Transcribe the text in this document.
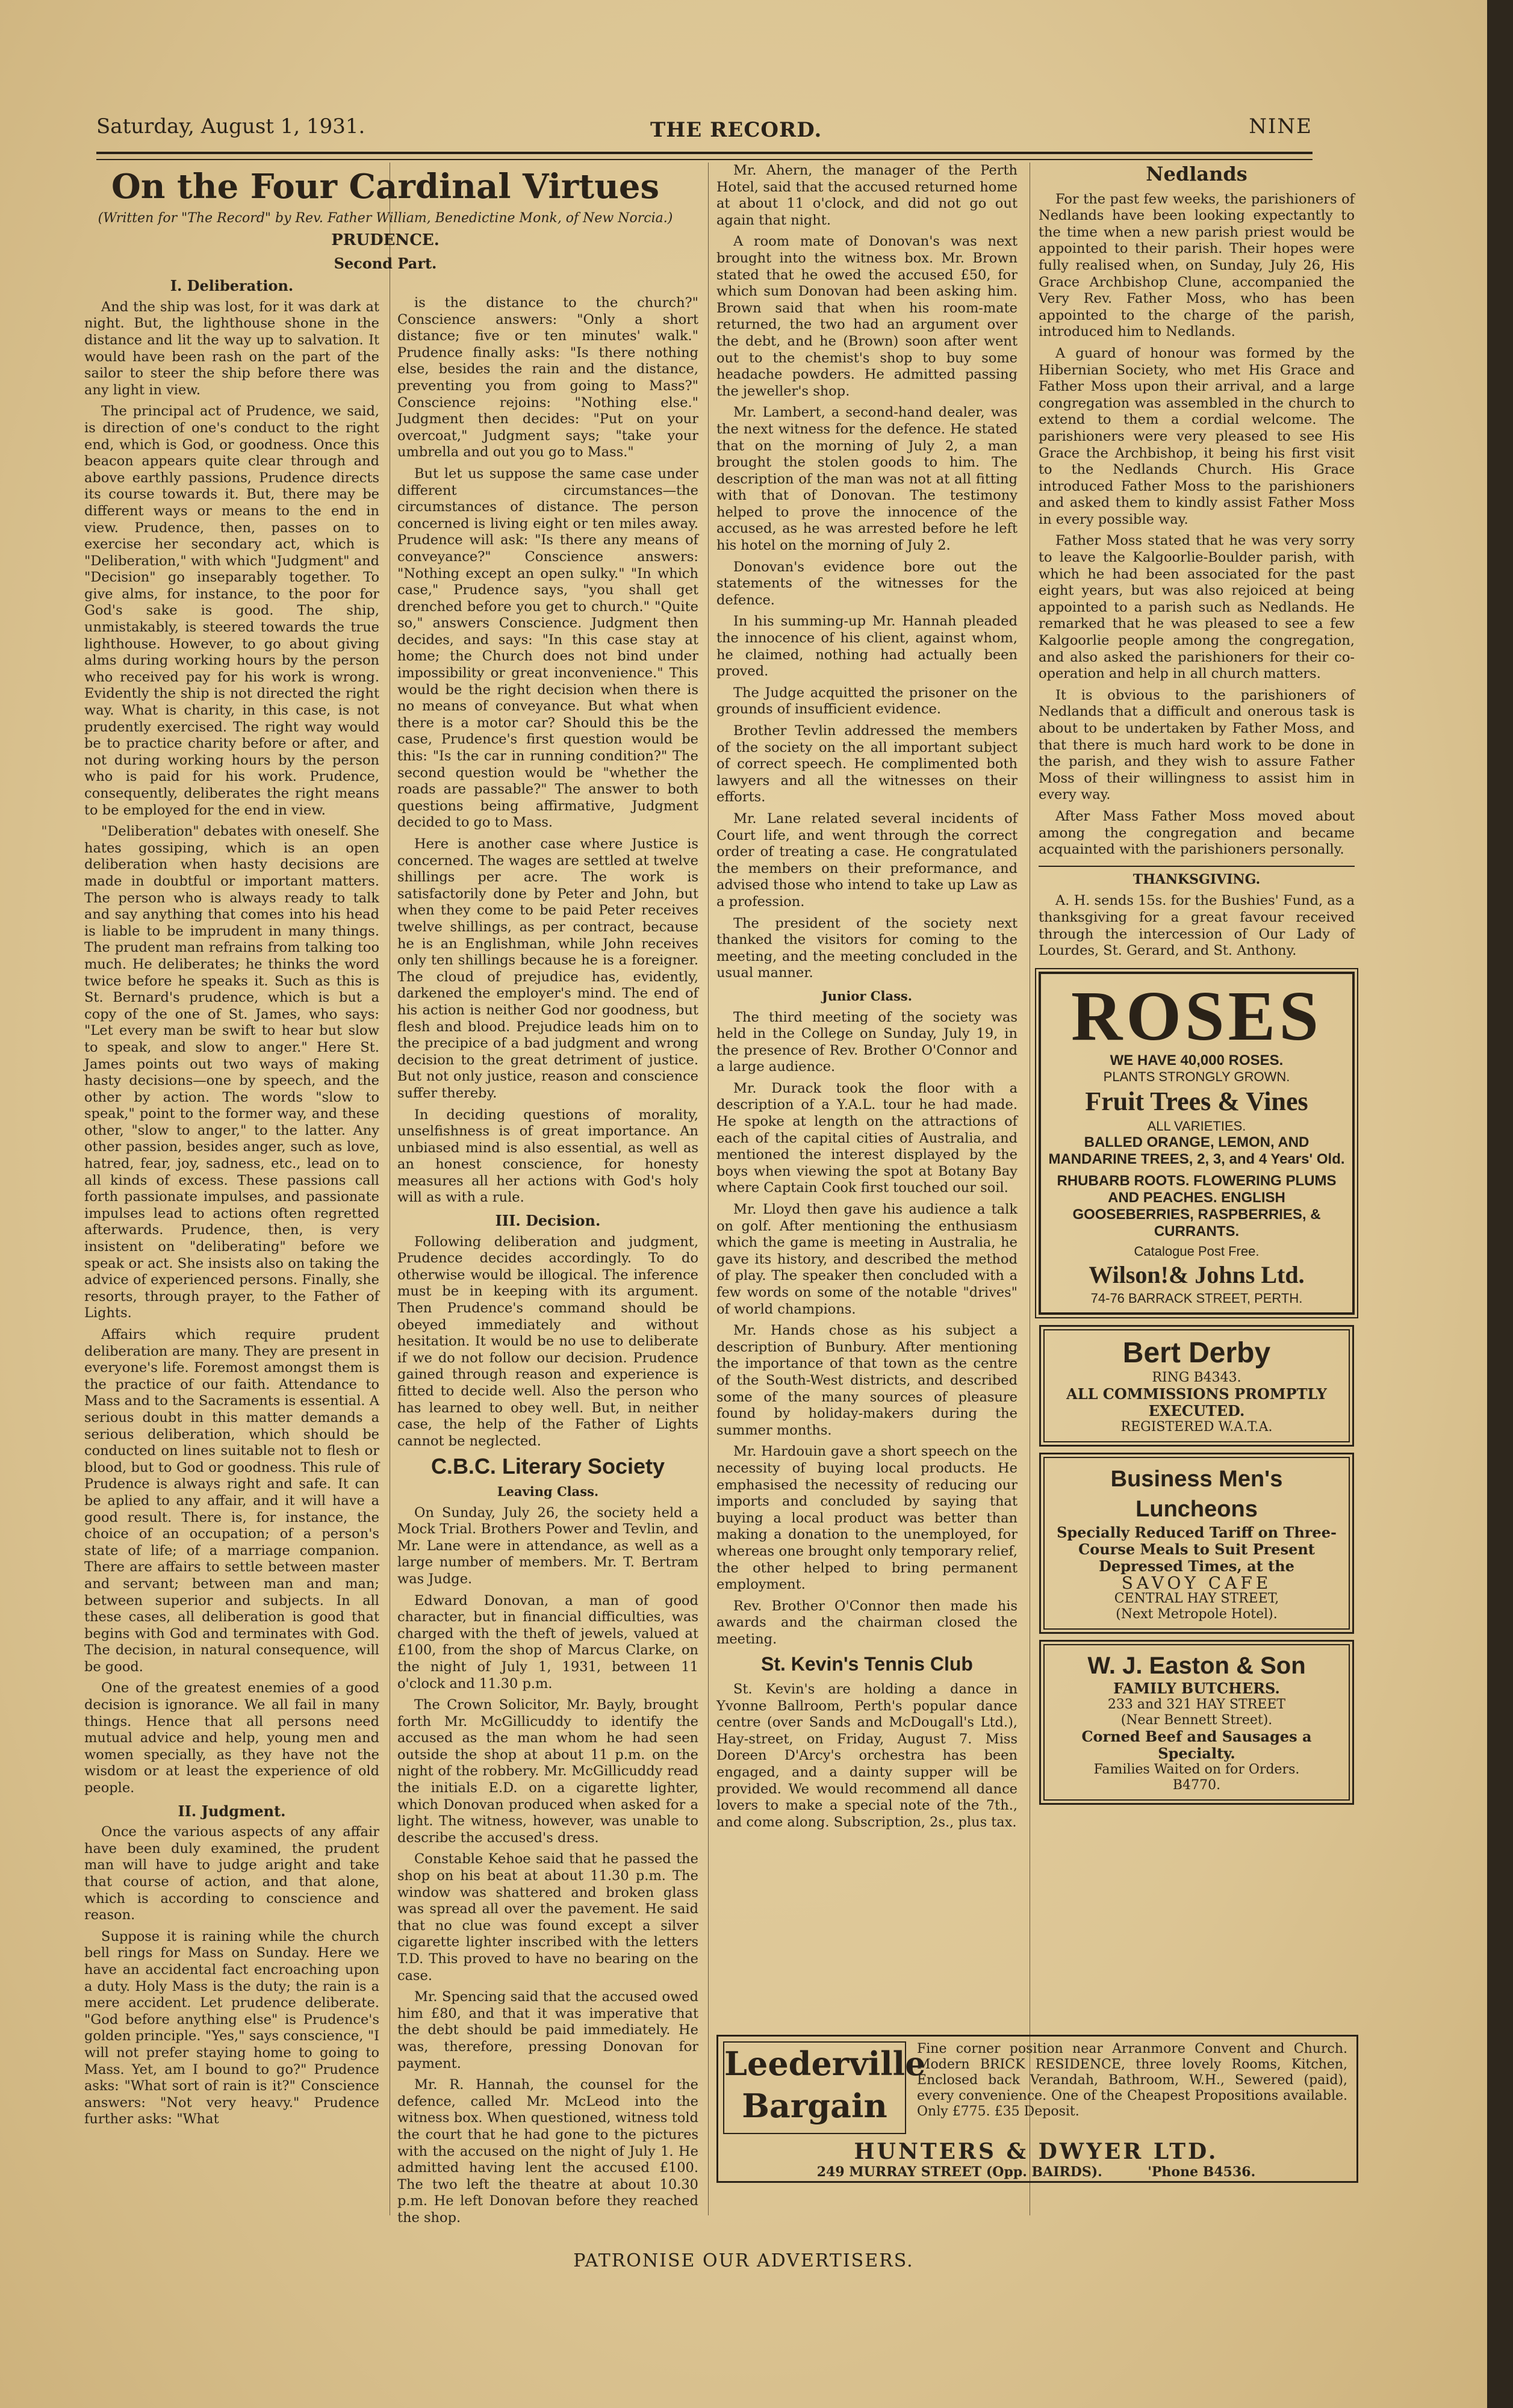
Saturday, August 1, 1931.	THE RECORD.	NINE
On the Four Cardinal Virtues
(Written for "The Record" by Rev. Father William, Benedictine Monk, of New Norcia.)
PRUDENCE.
Second Part.
I. Deliberation.

And the ship was lost, for it was dark at night. But, the lighthouse shone in the distance and lit the way up to salvation. It would have been rash on the part of the sailor to steer the ship before there was any light in view.

The principal act of Prudence, we said, is direction of one's conduct to the right end, which is God, or goodness. Once this beacon appears quite clear through and above earthly passions, Prudence directs its course towards it. But, there may be different ways or means to the end in view. Prudence, then, passes on to exercise her secondary act, which is "Deliberation," with which "Judgment" and "Decision" go inseparably together. To give alms, for instance, to the poor for God's sake is good. The ship, unmistakably, is steered towards the true lighthouse. However, to go about giving alms during working hours by the person who received pay for his work is wrong. Evidently the ship is not directed the right way. What is charity, in this case, is not prudently exercised. The right way would be to practice charity before or after, and not during working hours by the person who is paid for his work. Prudence, consequently, deliberates the right means to be employed for the end in view.

"Deliberation" debates with oneself. She hates gossiping, which is an open deliberation when hasty decisions are made in doubtful or important matters. The person who is always ready to talk and say anything that comes into his head is liable to be imprudent in many things. The prudent man refrains from talking too much. He deliberates; he thinks the word twice before he speaks it. Such as this is St. Bernard's prudence, which is but a copy of the one of St. James, who says: "Let every man be swift to hear but slow to speak, and slow to anger." Here St. James points out two ways of making hasty decisions—one by speech, and the other by action. The words "slow to speak," point to the former way, and these other, "slow to anger," to the latter. Any other passion, besides anger, such as love, hatred, fear, joy, sadness, etc., lead on to all kinds of excess. These passions call forth passionate impulses, and passionate impulses lead to actions often regretted afterwards. Prudence, then, is very insistent on "deliberating" before we speak or act. She insists also on taking the advice of experienced persons. Finally, she resorts, through prayer, to the Father of Lights.

Affairs which require prudent deliberation are many. They are present in everyone's life. Foremost amongst them is the practice of our faith. Attendance to Mass and to the Sacraments is essential. A serious doubt in this matter demands a serious deliberation, which should be conducted on lines suitable not to flesh or blood, but to God or goodness. This rule of Prudence is always right and safe. It can be aplied to any affair, and it will have a good result. There is, for instance, the choice of an occupation; of a person's state of life; of a marriage companion. There are affairs to settle between master and servant; between man and man; between superior and subjects. In all these cases, all deliberation is good that begins with God and terminates with God. The decision, in natural consequence, will be good.

One of the greatest enemies of a good decision is ignorance. We all fail in many things. Hence that all persons need mutual advice and help, young men and women specially, as they have not the wisdom or at least the experience of old people.

II. Judgment.

Once the various aspects of any affair have been duly examined, the prudent man will have to judge aright and take that course of action, and that alone, which is according to conscience and reason.

Suppose it is raining while the church bell rings for Mass on Sunday. Here we have an accidental fact encroaching upon a duty. Holy Mass is the duty; the rain is a mere accident. Let prudence deliberate. "God before anything else" is Prudence's golden principle. "Yes," says conscience, "I will not prefer staying home to going to Mass. Yet, am I bound to go?" Prudence asks: "What sort of rain is it?" Conscience answers: "Not very heavy." Prudence further asks: "What

is the distance to the church?" Conscience answers: "Only a short distance; five or ten minutes' walk." Prudence finally asks: "Is there nothing else, besides the rain and the distance, preventing you from going to Mass?" Conscience rejoins: "Nothing else." Judgment then decides: "Put on your overcoat," Judgment says; "take your umbrella and out you go to Mass."

But let us suppose the same case under different circumstances—the circumstances of distance. The person concerned is living eight or ten miles away. Prudence will ask: "Is there any means of conveyance?" Conscience answers: "Nothing except an open sulky." "In which case," Prudence says, "you shall get drenched before you get to church." "Quite so," answers Conscience. Judgment then decides, and says: "In this case stay at home; the Church does not bind under impossibility or great inconvenience." This would be the right decision when there is no means of conveyance. But what when there is a motor car? Should this be the case, Prudence's first question would be this: "Is the car in running condition?" The second question would be "whether the roads are passable?" The answer to both questions being affirmative, Judgment decided to go to Mass.

Here is another case where Justice is concerned. The wages are settled at twelve shillings per acre. The work is satisfactorily done by Peter and John, but when they come to be paid Peter receives twelve shillings, as per contract, because he is an Englishman, while John receives only ten shillings because he is a foreigner. The cloud of prejudice has, evidently, darkened the employer's mind. The end of his action is neither God nor goodness, but flesh and blood. Prejudice leads him on to the precipice of a bad judgment and wrong decision to the great detriment of justice. But not only justice, reason and conscience suffer thereby.

In deciding questions of morality, unselfishness is of great importance. An unbiased mind is also essential, as well as an honest conscience, for honesty measures all her actions with God's holy will as with a rule.

III. Decision.

Following deliberation and judgment, Prudence decides accordingly. To do otherwise would be illogical. The inference must be in keeping with its argument. Then Prudence's command should be obeyed immediately and without hesitation. It would be no use to deliberate if we do not follow our decision. Prudence gained through reason and experience is fitted to decide well. Also the person who has learned to obey well. But, in neither case, the help of the Father of Lights cannot be neglected.

C.B.C. Literary Society
Leaving Class.

On Sunday, July 26, the society held a Mock Trial. Brothers Power and Tevlin, and Mr. Lane were in attendance, as well as a large number of members. Mr. T. Bertram was Judge.

Edward Donovan, a man of good character, but in financial difficulties, was charged with the theft of jewels, valued at £100, from the shop of Marcus Clarke, on the night of July 1, 1931, between 11 o'clock and 11.30 p.m.

The Crown Solicitor, Mr. Bayly, brought forth Mr. McGillicuddy to identify the accused as the man whom he had seen outside the shop at about 11 p.m. on the night of the robbery. Mr. McGillicuddy read the initials E.D. on a cigarette lighter, which Donovan produced when asked for a light. The witness, however, was unable to describe the accused's dress.

Constable Kehoe said that he passed the shop on his beat at about 11.30 p.m. The window was shattered and broken glass was spread all over the pavement. He said that no clue was found except a silver cigarette lighter inscribed with the letters T.D. This proved to have no bearing on the case.

Mr. Spencing said that the accused owed him £80, and that it was imperative that the debt should be paid immediately. He was, therefore, pressing Donovan for payment.

Mr. R. Hannah, the counsel for the defence, called Mr. McLeod into the witness box. When questioned, witness told the court that he had gone to the pictures with the accused on the night of July 1. He admitted having lent the accused £100. The two left the theatre at about 10.30 p.m. He left Donovan before they reached the shop.

Mr. Ahern, the manager of the Perth Hotel, said that the accused returned home at about 11 o'clock, and did not go out again that night.

A room mate of Donovan's was next brought into the witness box. Mr. Brown stated that he owed the accused £50, for which sum Donovan had been asking him. Brown said that when his room-mate returned, the two had an argument over the debt, and he (Brown) soon after went out to the chemist's shop to buy some headache powders. He admitted passing the jeweller's shop.

Mr. Lambert, a second-hand dealer, was the next witness for the defence. He stated that on the morning of July 2, a man brought the stolen goods to him. The description of the man was not at all fitting with that of Donovan. The testimony helped to prove the innocence of the accused, as he was arrested before he left his hotel on the morning of July 2.

Donovan's evidence bore out the statements of the witnesses for the defence.

In his summing-up Mr. Hannah pleaded the innocence of his client, against whom, he claimed, nothing had actually been proved.

The Judge acquitted the prisoner on the grounds of insufficient evidence.

Brother Tevlin addressed the members of the society on the all important subject of correct speech. He complimented both lawyers and all the witnesses on their efforts.

Mr. Lane related several incidents of Court life, and went through the correct order of treating a case. He congratulated the members on their preformance, and advised those who intend to take up Law as a profession.

The president of the society next thanked the visitors for coming to the meeting, and the meeting concluded in the usual manner.

Junior Class.

The third meeting of the society was held in the College on Sunday, July 19, in the presence of Rev. Brother O'Connor and a large audience.

Mr. Durack took the floor with a description of a Y.A.L. tour he had made. He spoke at length on the attractions of each of the capital cities of Australia, and mentioned the interest displayed by the boys when viewing the spot at Botany Bay where Captain Cook first touched our soil.

Mr. Lloyd then gave his audience a talk on golf. After mentioning the enthusiasm which the game is meeting in Australia, he gave its history, and described the method of play. The speaker then concluded with a few words on some of the notable "drives" of world champions.

Mr. Hands chose as his subject a description of Bunbury. After mentioning the importance of that town as the centre of the South-West districts, and described some of the many sources of pleasure found by holiday-makers during the summer months.

Mr. Hardouin gave a short speech on the necessity of buying local products. He emphasised the necessity of reducing our imports and concluded by saying that buying a local product was better than making a donation to the unemployed, for whereas one brought only temporary relief, the other helped to bring permanent employment.

Rev. Brother O'Connor then made his awards and the chairman closed the meeting.

St. Kevin's Tennis Club

St. Kevin's are holding a dance in Yvonne Ballroom, Perth's popular dance centre (over Sands and McDougall's Ltd.), Hay-street, on Friday, August 7. Miss Doreen D'Arcy's orchestra has been engaged, and a dainty supper will be provided. We would recommend all dance lovers to make a special note of the 7th., and come along. Subscription, 2s., plus tax.

Nedlands

For the past few weeks, the parishioners of Nedlands have been looking expectantly to the time when a new parish priest would be appointed to their parish. Their hopes were fully realised when, on Sunday, July 26, His Grace Archbishop Clune, accompanied the Very Rev. Father Moss, who has been appointed to the charge of the parish, introduced him to Nedlands.

A guard of honour was formed by the Hibernian Society, who met His Grace and Father Moss upon their arrival, and a large congregation was assembled in the church to extend to them a cordial welcome. The parishioners were very pleased to see His Grace the Archbishop, it being his first visit to the Nedlands Church. His Grace introduced Father Moss to the parishioners and asked them to kindly assist Father Moss in every possible way.

Father Moss stated that he was very sorry to leave the Kalgoorlie-Boulder parish, with which he had been associated for the past eight years, but was also rejoiced at being appointed to a parish such as Nedlands. He remarked that he was pleased to see a few Kalgoorlie people among the congregation, and also asked the parishioners for their co-operation and help in all church matters.

It is obvious to the parishioners of Nedlands that a difficult and onerous task is about to be undertaken by Father Moss, and that there is much hard work to be done in the parish, and they wish to assure Father Moss of their willingness to assist him in every way.

After Mass Father Moss moved about among the congregation and became acquainted with the parishioners personally.

THANKSGIVING.

A. H. sends 15s. for the Bushies' Fund, as a thanksgiving for a great favour received through the intercession of Our Lady of Lourdes, St. Gerard, and St. Anthony.

ROSES
WE HAVE 40,000 ROSES.
PLANTS STRONGLY GROWN.
Fruit Trees & Vines
ALL VARIETIES.
BALLED ORANGE, LEMON, AND MANDARINE TREES, 2, 3, and 4 Years' Old.
RHUBARB ROOTS. FLOWERING PLUMS AND PEACHES. ENGLISH GOOSEBERRIES, RASPBERRIES, & CURRANTS.
Catalogue Post Free.
Wilson!& Johns Ltd.
74-76 BARRACK STREET, PERTH.
Bert Derby
RING B4343.
ALL COMMISSIONS PROMPTLY EXECUTED.
REGISTERED W.A.T.A.
Business Men's Luncheons
Specially Reduced Tariff on Three-Course Meals to Suit Present Depressed Times, at the
SAVOY CAFE
CENTRAL HAY STREET,
(Next Metropole Hotel).
W. J. Easton & Son
FAMILY BUTCHERS.
233 and 321 HAY STREET
(Near Bennett Street).
Corned Beef and Sausages a Specialty.
Families Waited on for Orders.
B4770.
Leederville
Bargain
Fine corner position near Arranmore Convent and Church. Modern BRICK RESIDENCE, three lovely Rooms, Kitchen, Enclosed back Verandah, Bathroom, W.H., Sewered (paid), every convenience. One of the Cheapest Propositions available. Only £775. £35 Deposit.
HUNTERS & DWYER LTD.
249 MURRAY STREET (Opp. BAIRDS).	'Phone B4536.
PATRONISE OUR ADVERTISERS.
